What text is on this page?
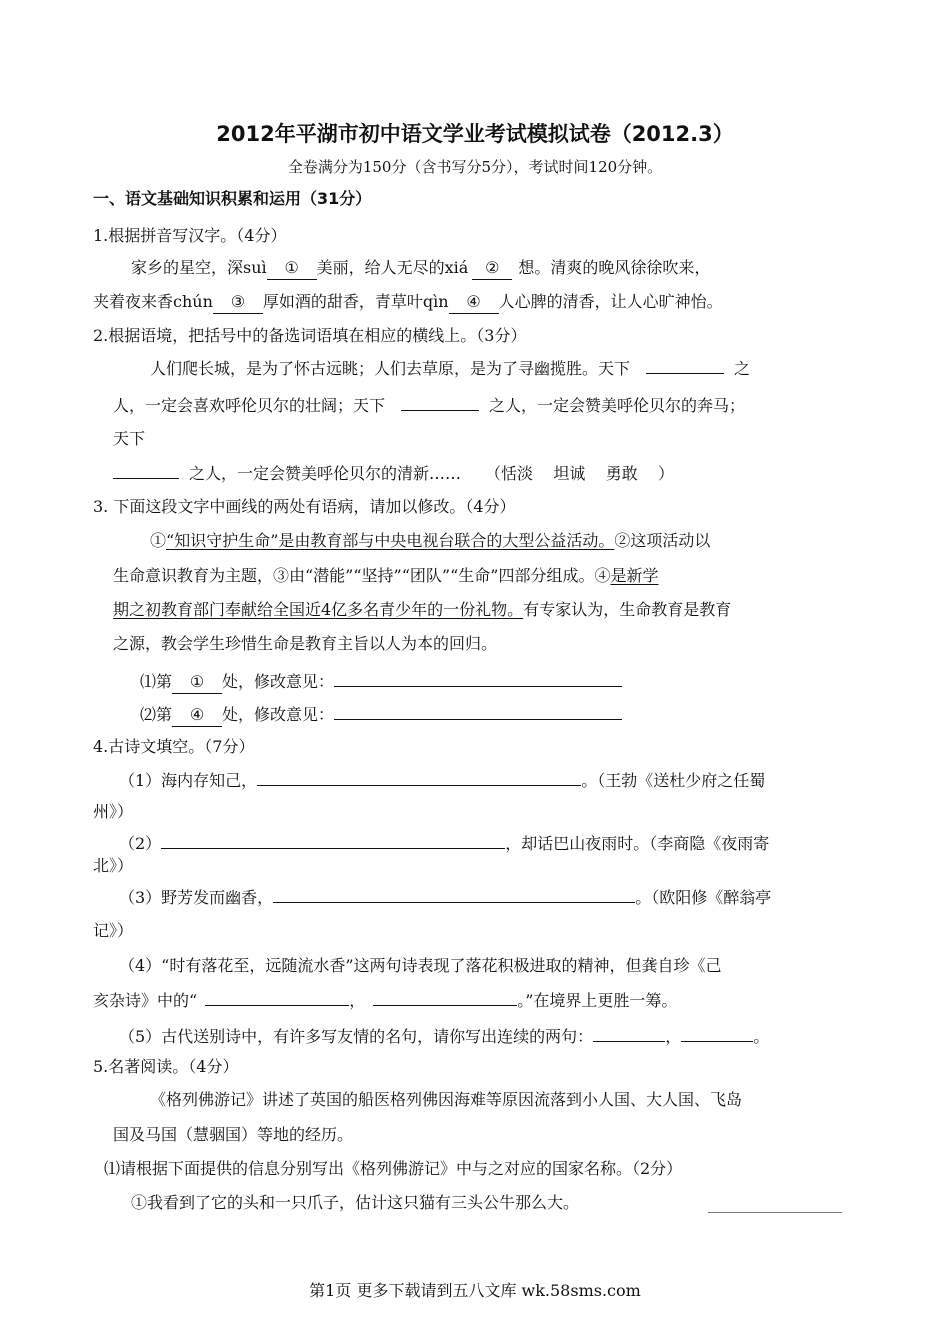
2012年平湖市初中语文学业考试模拟试卷（2012.3）
全卷满分为150分（含书写分5分），考试时间120分钟。
一、语文基础知识积累和运用（31分）
1.根据拼音写汉字。（4分）
家乡的星空，深suì ① 美丽，给人无尽的xiá ② 想。清爽的晚风徐徐吹来，
夹着夜来香chún ③ 厚如酒的甜香，青草叶qìn ④ 人心脾的清香，让人心旷神怡。
2.根据语境，把括号中的备选词语填在相应的横线上。（3分）
人们爬长城，是为了怀古远眺；人们去草原，是为了寻幽揽胜。天下	之
人，一定会喜欢呼伦贝尔的壮阔；天下	之人，一定会赞美呼伦贝尔的奔马；
天下
之人，一定会赞美呼伦贝尔的清新…… （恬淡    坦诚    勇敢    ）
3. 下面这段文字中画线的两处有语病，请加以修改。（4分）
①“知识守护生命”是由教育部与中央电视台联合的大型公益活动。②这项活动以
生命意识教育为主题，③由“潜能”“坚持”“团队”“生命”四部分组成。④是新学
期之初教育部门奉献给全国近4亿多名青少年的一份礼物。有专家认为，生命教育是教育
之源，教会学生珍惜生命是教育主旨以人为本的回归。
⑴第 ① 处，修改意见：
⑵第 ④ 处，修改意见：
4.古诗文填空。（7分）
（1）海内存知己，	。（王勃《送杜少府之任蜀
州》）
（2）	，却话巴山夜雨时。（李商隐《夜雨寄
北》）
（3）野芳发而幽香，	。（欧阳修《醉翁亭
记》）
（4）“时有落花至，远随流水香”这两句诗表现了落花积极进取的精神，但龚自珍《己
亥杂诗》中的“	，	。”在境界上更胜一筹。
（5）古代送别诗中，有许多写友情的名句，请你写出连续的两句：	，	。
5.名著阅读。（4分）
《格列佛游记》讲述了英国的船医格列佛因海难等原因流落到小人国、大人国、飞岛
国及马国（慧骃国）等地的经历。
⑴请根据下面提供的信息分别写出《格列佛游记》中与之对应的国家名称。（2分）
①我看到了它的头和一只爪子，估计这只猫有三头公牛那么大。
第1页 更多下载请到五八文库 wk.58sms.com
